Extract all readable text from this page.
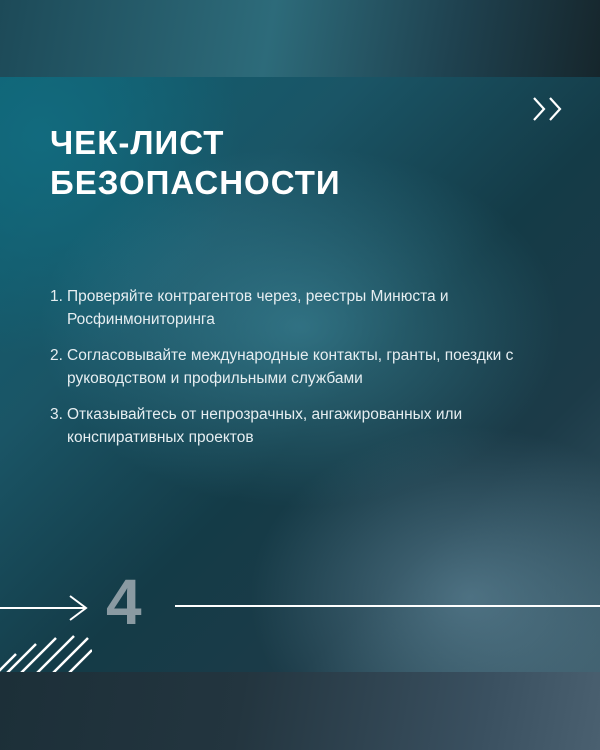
ЧЕК-ЛИСТ
БЕЗОПАСНОСТИ
1. Проверяйте контрагентов через, реестры Минюста и Росфинмониторинга
2. Согласовывайте международные контакты, гранты, поездки с руководством и профильными службами
3. Отказывайтесь от непрозрачных, ангажированных или конспиративных проектов
4
